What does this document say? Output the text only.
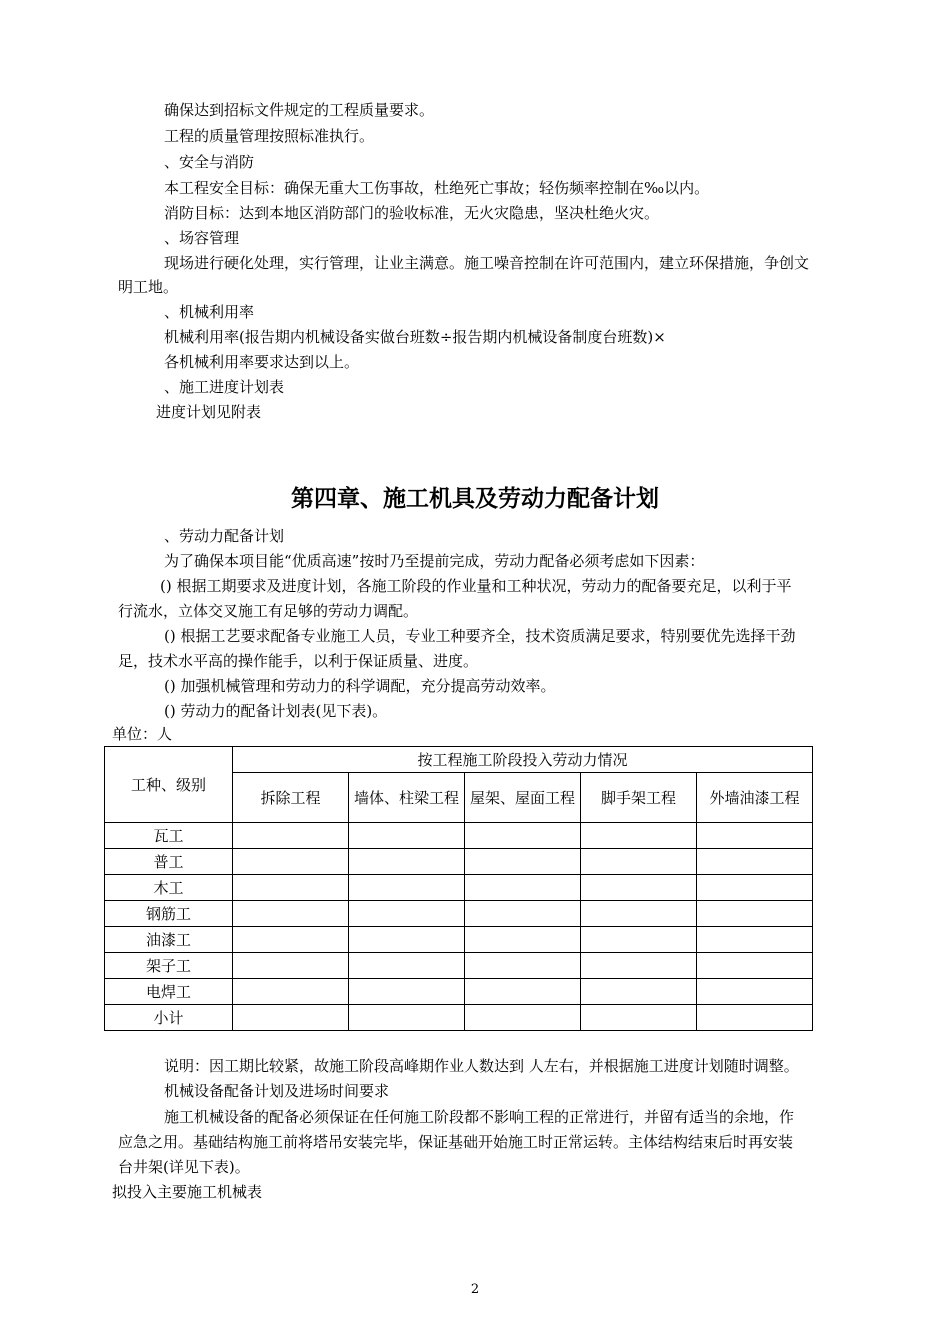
确保达到招标文件规定的工程质量要求。
工程的质量管理按照标准执行。
、安全与消防
本工程安全目标：确保无重大工伤事故，杜绝死亡事故；轻伤频率控制在‰以内。
消防目标：达到本地区消防部门的验收标准，无火灾隐患，坚决杜绝火灾。
、场容管理
现场进行硬化处理，实行管理，让业主满意。施工噪音控制在许可范围内，建立环保措施，争创文
明工地。
、机械利用率
机械利用率(报告期内机械设备实做台班数÷报告期内机械设备制度台班数)×
各机械利用率要求达到以上。
、施工进度计划表
进度计划见附表
第四章、施工机具及劳动力配备计划
、劳动力配备计划
为了确保本项目能“优质高速”按时乃至提前完成，劳动力配备必须考虑如下因素：
() 根据工期要求及进度计划，各施工阶段的作业量和工种状况，劳动力的配备要充足，以利于平
行流水，立体交叉施工有足够的劳动力调配。
() 根据工艺要求配备专业施工人员，专业工种要齐全，技术资质满足要求，特别要优先选择干劲
足，技术水平高的操作能手，以利于保证质量、进度。
() 加强机械管理和劳动力的科学调配，充分提高劳动效率。
() 劳动力的配备计划表(见下表)。
单位：人
工种、级别	按工程施工阶段投入劳动力情况				
	拆除工程	墙体、柱梁工程	屋架、屋面工程	脚手架工程	外墙油漆工程
瓦工					
普工					
木工					
钢筋工					
油漆工					
架子工					
电焊工					
小计					
说明：因工期比较紧，故施工阶段高峰期作业人数达到 人左右，并根据施工进度计划随时调整。
机械设备配备计划及进场时间要求
施工机械设备的配备必须保证在任何施工阶段都不影响工程的正常进行，并留有适当的余地，作
应急之用。基础结构施工前将塔吊安装完毕，保证基础开始施工时正常运转。主体结构结束后时再安装
台井架(详见下表)。
拟投入主要施工机械表
2
